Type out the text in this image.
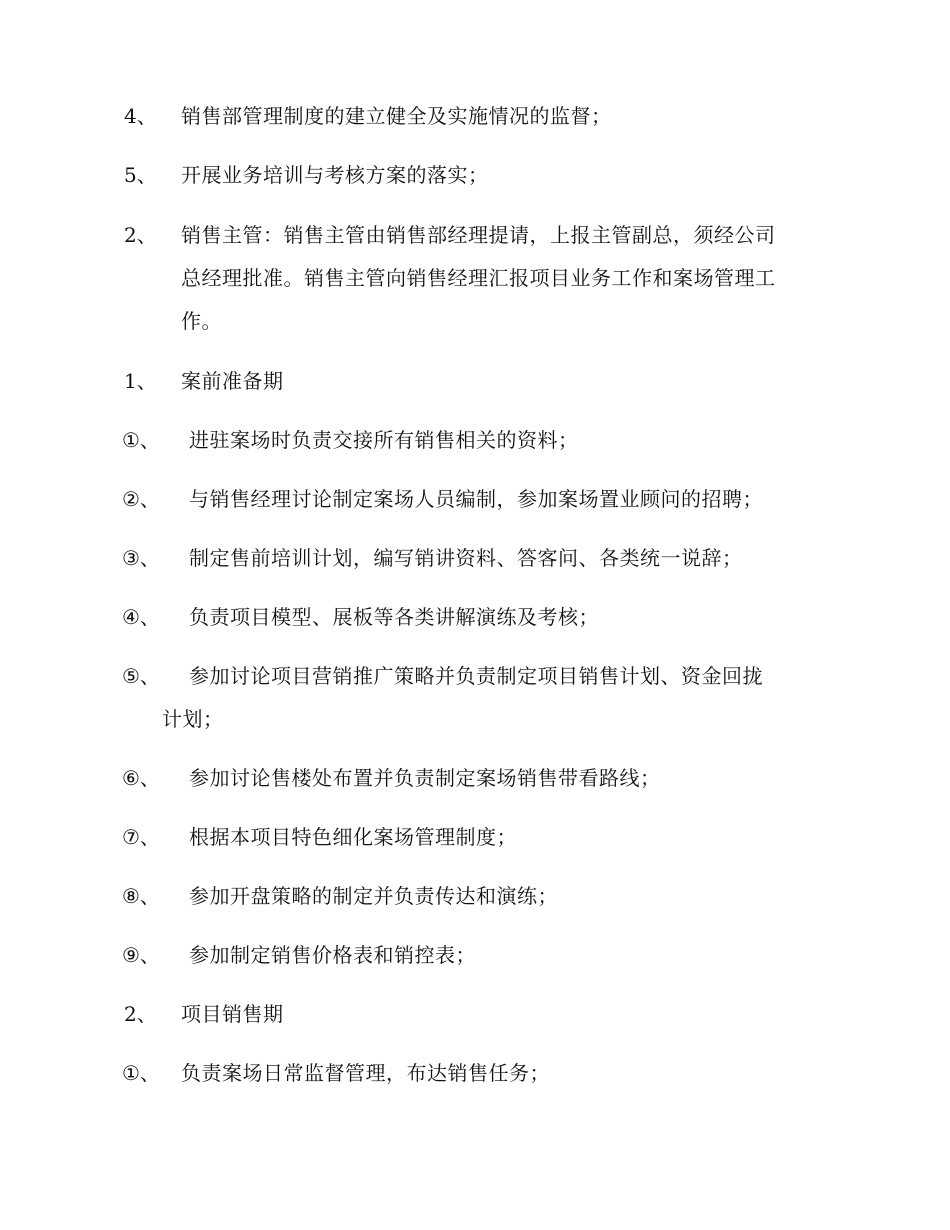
4、 销售部管理制度的建立健全及实施情况的监督；
5、 开展业务培训与考核方案的落实；
2、 销售主管：销售主管由销售部经理提请，上报主管副总，须经公司
总经理批准。销售主管向销售经理汇报项目业务工作和案场管理工
作。
1、 案前准备期
①、 进驻案场时负责交接所有销售相关的资料；
②、 与销售经理讨论制定案场人员编制，参加案场置业顾问的招聘；
③、 制定售前培训计划，编写销讲资料、答客问、各类统一说辞；
④、 负责项目模型、展板等各类讲解演练及考核；
⑤、 参加讨论项目营销推广策略并负责制定项目销售计划、资金回拢
计划；
⑥、 参加讨论售楼处布置并负责制定案场销售带看路线；
⑦、 根据本项目特色细化案场管理制度；
⑧、 参加开盘策略的制定并负责传达和演练；
⑨、 参加制定销售价格表和销控表；
2、 项目销售期
①、 负责案场日常监督管理，布达销售任务；
